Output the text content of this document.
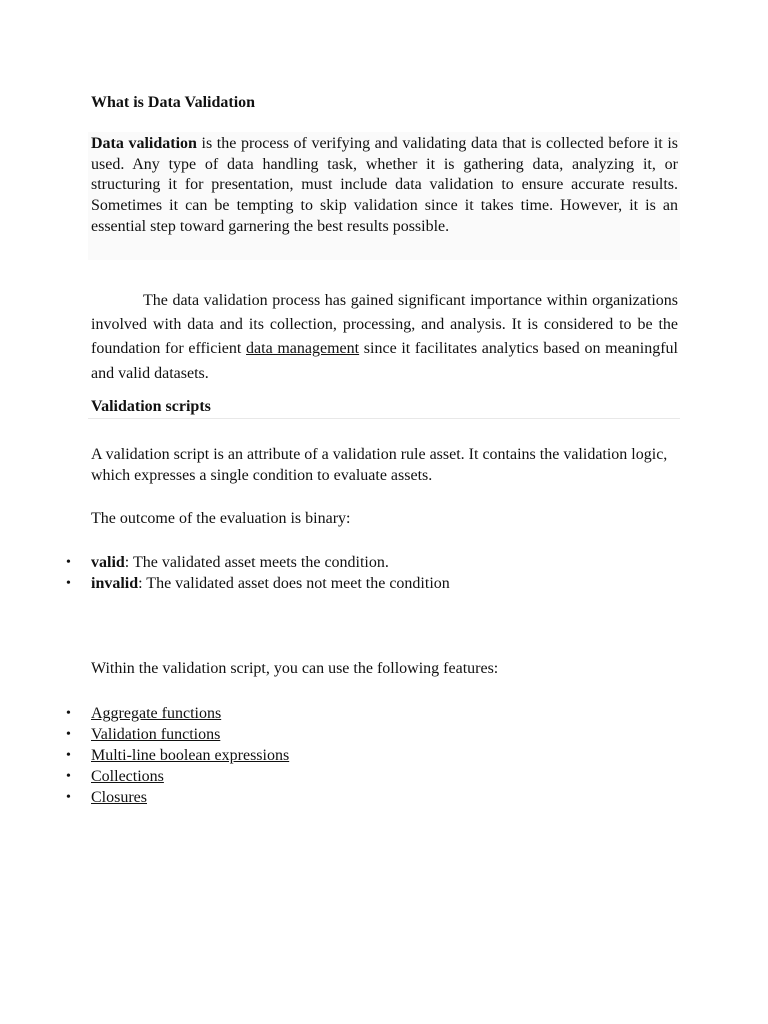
What is Data Validation

Data validation is the process of verifying and validating data that is collected before it is used. Any type of data handling task, whether it is gathering data, analyzing it, or structuring it for presentation, must include data validation to ensure accurate results. Sometimes it can be tempting to skip validation since it takes time. However, it is an essential step toward garnering the best results possible.

The data validation process has gained significant importance within organizations involved with data and its collection, processing, and analysis. It is considered to be the foundation for efficient data management since it facilitates analytics based on meaningful and valid datasets.

Validation scripts

A validation script is an attribute of a validation rule asset. It contains the validation logic, which expresses a single condition to evaluate assets.

The outcome of the evaluation is binary:

• valid: The validated asset meets the condition.
• invalid: The validated asset does not meet the condition

Within the validation script, you can use the following features:

• Aggregate functions
• Validation functions
• Multi-line boolean expressions
• Collections
• Closures
